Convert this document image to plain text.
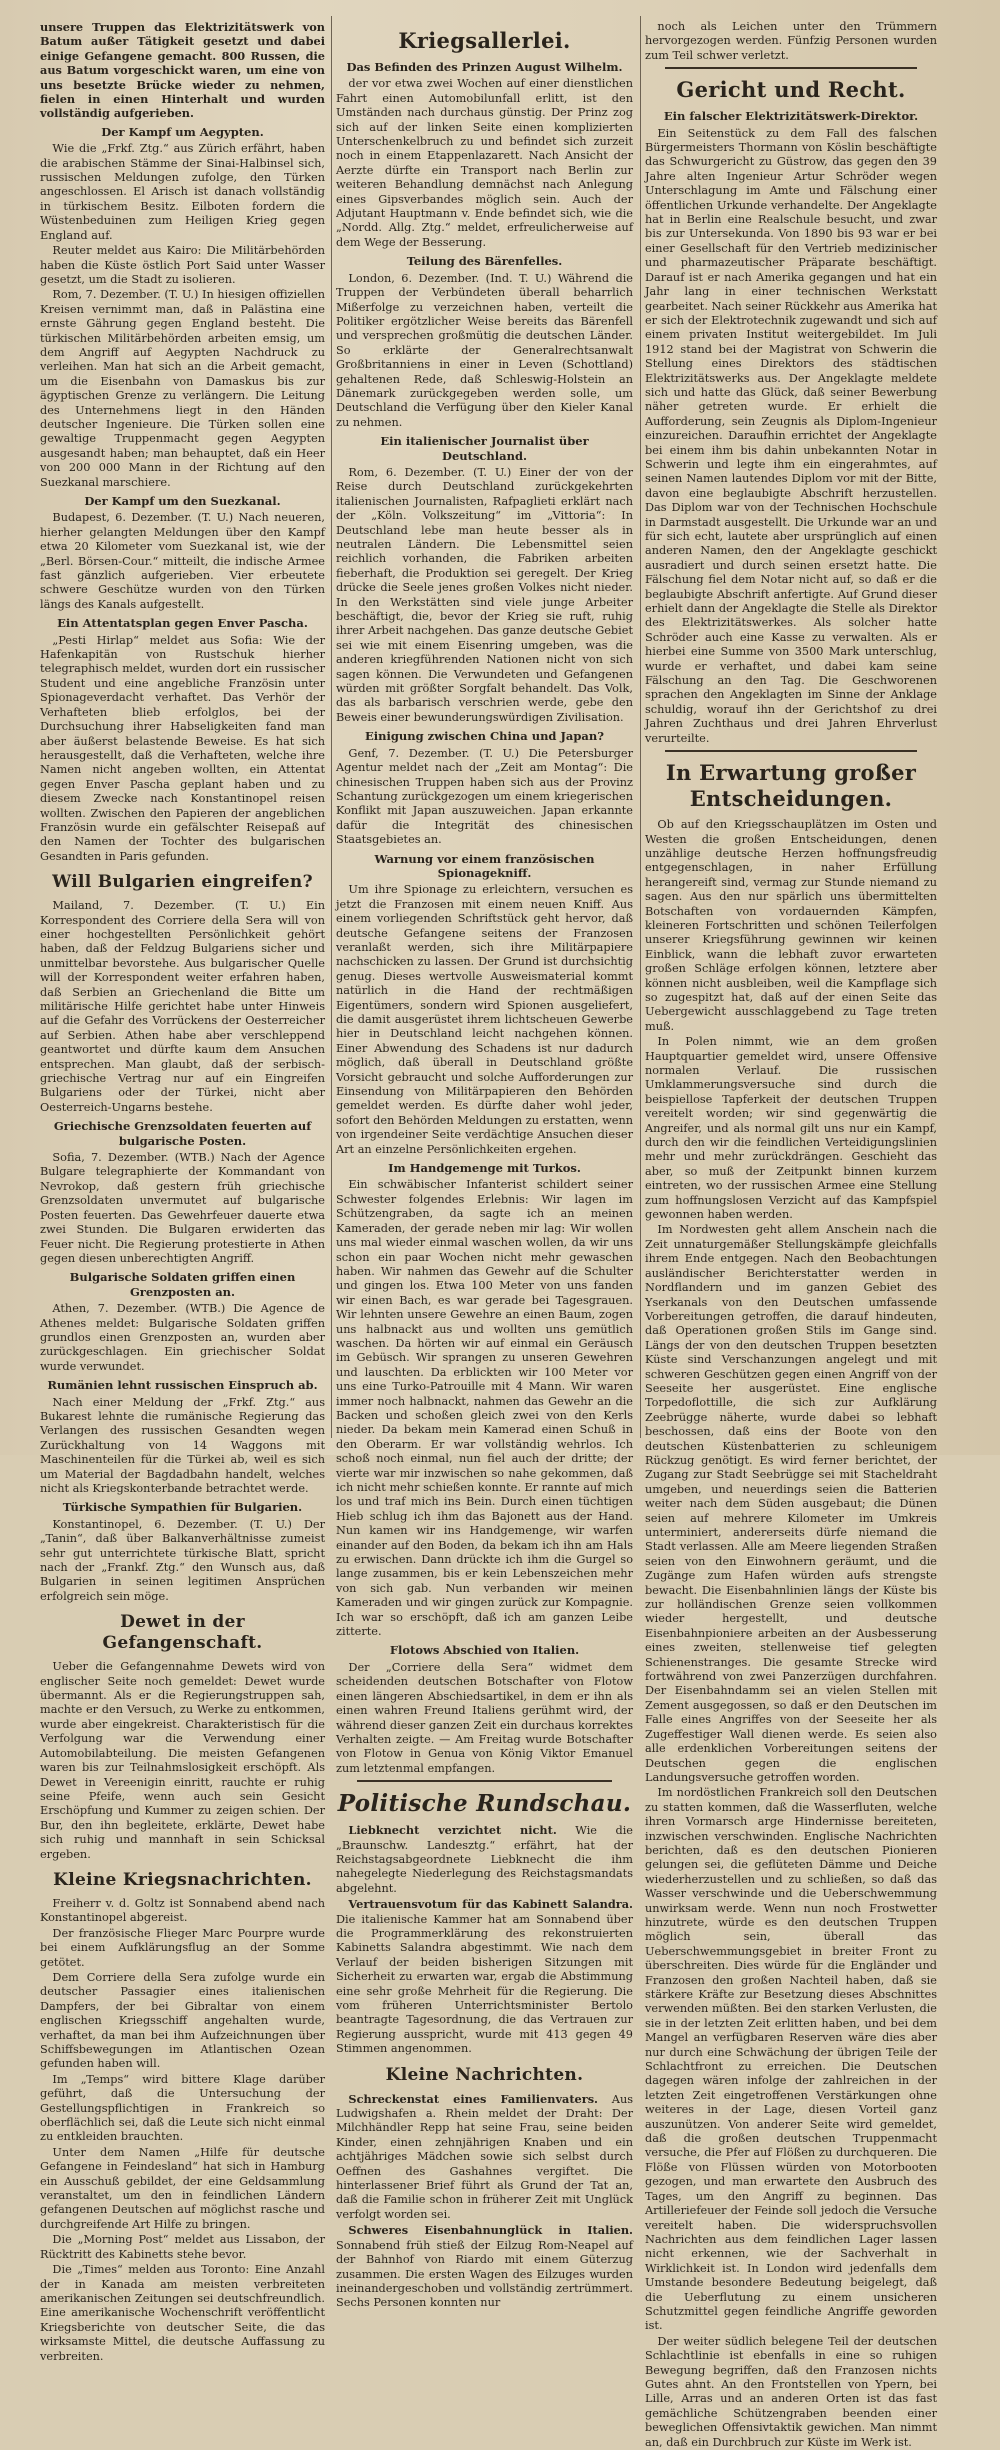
unsere Truppen das Elektrizitätswerk von Batum außer Tätigkeit gesetzt und dabei einige Gefangene gemacht. 800 Russen, die aus Batum vorgeschickt waren, um eine von uns besetzte Brücke wieder zu nehmen, fielen in einen Hinterhalt und wurden vollständig aufgerieben.

Der Kampf um Aegypten.

Wie die „Frkf. Ztg.“ aus Zürich erfährt, haben die arabischen Stämme der Sinai-Halbinsel sich, russischen Meldungen zufolge, den Türken angeschlossen. El Arisch ist danach vollständig in türkischem Besitz. Eilboten fordern die Wüstenbeduinen zum Heiligen Krieg gegen England auf.

Reuter meldet aus Kairo: Die Militärbehörden haben die Küste östlich Port Said unter Wasser gesetzt, um die Stadt zu isolieren.

Rom, 7. Dezember. (T. U.) In hiesigen offiziellen Kreisen vernimmt man, daß in Palästina eine ernste Gährung gegen England besteht. Die türkischen Militärbehörden arbeiten emsig, um dem Angriff auf Aegypten Nachdruck zu verleihen. Man hat sich an die Arbeit gemacht, um die Eisenbahn von Damaskus bis zur ägyptischen Grenze zu verlängern. Die Leitung des Unternehmens liegt in den Händen deutscher Ingenieure. Die Türken sollen eine gewaltige Truppenmacht gegen Aegypten ausgesandt haben; man behauptet, daß ein Heer von 200 000 Mann in der Richtung auf den Suezkanal marschiere.

Der Kampf um den Suezkanal.

Budapest, 6. Dezember. (T. U.) Nach neueren, hierher gelangten Meldungen über den Kampf etwa 20 Kilometer vom Suezkanal ist, wie der „Berl. Börsen-Cour.“ mitteilt, die indische Armee fast gänzlich aufgerieben. Vier erbeutete schwere Geschütze wurden von den Türken längs des Kanals aufgestellt.

Ein Attentatsplan gegen Enver Pascha.

„Pesti Hirlap“ meldet aus Sofia: Wie der Hafenkapitän von Rustschuk hierher telegraphisch meldet, wurden dort ein russischer Student und eine angebliche Französin unter Spionageverdacht verhaftet. Das Verhör der Verhafteten blieb erfolglos, bei der Durchsuchung ihrer Habseligkeiten fand man aber äußerst belastende Beweise. Es hat sich herausgestellt, daß die Verhafteten, welche ihre Namen nicht angeben wollten, ein Attentat gegen Enver Pascha geplant haben und zu diesem Zwecke nach Konstantinopel reisen wollten. Zwischen den Papieren der angeblichen Französin wurde ein gefälschter Reisepaß auf den Namen der Tochter des bulgarischen Gesandten in Paris gefunden.

Will Bulgarien eingreifen?

Mailand, 7. Dezember. (T. U.) Ein Korrespondent des Corriere della Sera will von einer hochgestellten Persönlichkeit gehört haben, daß der Feldzug Bulgariens sicher und unmittelbar bevorstehe. Aus bulgarischer Quelle will der Korrespondent weiter erfahren haben, daß Serbien an Griechenland die Bitte um militärische Hilfe gerichtet habe unter Hinweis auf die Gefahr des Vorrückens der Oesterreicher auf Serbien. Athen habe aber verschleppend geantwortet und dürfte kaum dem Ansuchen entsprechen. Man glaubt, daß der serbisch-griechische Vertrag nur auf ein Eingreifen Bulgariens oder der Türkei, nicht aber Oesterreich-Ungarns bestehe.

Griechische Grenzsoldaten feuerten auf bulgarische Posten.

Sofia, 7. Dezember. (WTB.) Nach der Agence Bulgare telegraphierte der Kommandant von Nevrokop, daß gestern früh griechische Grenzsoldaten unvermutet auf bulgarische Posten feuerten. Das Gewehrfeuer dauerte etwa zwei Stunden. Die Bulgaren erwiderten das Feuer nicht. Die Regierung protestierte in Athen gegen diesen unberechtigten Angriff.

Bulgarische Soldaten griffen einen Grenzposten an.

Athen, 7. Dezember. (WTB.) Die Agence de Athenes meldet: Bulgarische Soldaten griffen grundlos einen Grenzposten an, wurden aber zurückgeschlagen. Ein griechischer Soldat wurde verwundet.

Rumänien lehnt russischen Einspruch ab.

Nach einer Meldung der „Frkf. Ztg.“ aus Bukarest lehnte die rumänische Regierung das Verlangen des russischen Gesandten wegen Zurückhaltung von 14 Waggons mit Maschinenteilen für die Türkei ab, weil es sich um Material der Bagdadbahn handelt, welches nicht als Kriegskonterbande betrachtet werde.

Türkische Sympathien für Bulgarien.

Konstantinopel, 6. Dezember. (T. U.) Der „Tanin“, daß über Balkanverhältnisse zumeist sehr gut unterrichtete türkische Blatt, spricht nach der „Frankf. Ztg.“ den Wunsch aus, daß Bulgarien in seinen legitimen Ansprüchen erfolgreich sein möge.

Dewet in der Gefangenschaft.

Ueber die Gefangennahme Dewets wird von englischer Seite noch gemeldet: Dewet wurde übermannt. Als er die Regierungstruppen sah, machte er den Versuch, zu Werke zu entkommen, wurde aber eingekreist. Charakteristisch für die Verfolgung war die Verwendung einer Automobilabteilung. Die meisten Gefangenen waren bis zur Teilnahmslosigkeit erschöpft. Als Dewet in Vereenigin einritt, rauchte er ruhig seine Pfeife, wenn auch sein Gesicht Erschöpfung und Kummer zu zeigen schien. Der Bur, den ihn begleitete, erklärte, Dewet habe sich ruhig und mannhaft in sein Schicksal ergeben.

Kleine Kriegsnachrichten.

Freiherr v. d. Goltz ist Sonnabend abend nach Konstantinopel abgereist.

Der französische Flieger Marc Pourpre wurde bei einem Aufklärungsflug an der Somme getötet.

Dem Corriere della Sera zufolge wurde ein deutscher Passagier eines italienischen Dampfers, der bei Gibraltar von einem englischen Kriegsschiff angehalten wurde, verhaftet, da man bei ihm Aufzeichnungen über Schiffsbewegungen im Atlantischen Ozean gefunden haben will.

Im „Temps“ wird bittere Klage darüber geführt, daß die Untersuchung der Gestellungspflichtigen in Frankreich so oberflächlich sei, daß die Leute sich nicht einmal zu entkleiden brauchten.

Unter dem Namen „Hilfe für deutsche Gefangene in Feindesland“ hat sich in Hamburg ein Ausschuß gebildet, der eine Geldsammlung veranstaltet, um den in feindlichen Ländern gefangenen Deutschen auf möglichst rasche und durchgreifende Art Hilfe zu bringen.

Die „Morning Post“ meldet aus Lissabon, der Rücktritt des Kabinetts stehe bevor.

Die „Times“ melden aus Toronto: Eine Anzahl der in Kanada am meisten verbreiteten amerikanischen Zeitungen sei deutschfreundlich. Eine amerikanische Wochenschrift veröffentlicht Kriegsberichte von deutscher Seite, die das wirksamste Mittel, die deutsche Auffassung zu verbreiten.

Kriegsallerlei.
Das Befinden des Prinzen August Wilhelm.

der vor etwa zwei Wochen auf einer dienstlichen Fahrt einen Automobilunfall erlitt, ist den Umständen nach durchaus günstig. Der Prinz zog sich auf der linken Seite einen komplizierten Unterschenkelbruch zu und befindet sich zurzeit noch in einem Etappenlazarett. Nach Ansicht der Aerzte dürfte ein Transport nach Berlin zur weiteren Behandlung demnächst nach Anlegung eines Gipsverbandes möglich sein. Auch der Adjutant Hauptmann v. Ende befindet sich, wie die „Nordd. Allg. Ztg.“ meldet, erfreulicherweise auf dem Wege der Besserung.

Teilung des Bärenfelles.

London, 6. Dezember. (Ind. T. U.) Während die Truppen der Verbündeten überall beharrlich Mißerfolge zu verzeichnen haben, verteilt die Politiker ergötzlicher Weise bereits das Bärenfell und versprechen großmütig die deutschen Länder. So erklärte der Generalrechtsanwalt Großbritanniens in einer in Leven (Schottland) gehaltenen Rede, daß Schleswig-Holstein an Dänemark zurückgegeben werden solle, um Deutschland die Verfügung über den Kieler Kanal zu nehmen.

Ein italienischer Journalist über Deutschland.

Rom, 6. Dezember. (T. U.) Einer der von der Reise durch Deutschland zurückgekehrten italienischen Journalisten, Rafpaglieti erklärt nach der „Köln. Volkszeitung“ im „Vittoria“: In Deutschland lebe man heute besser als in neutralen Ländern. Die Lebensmittel seien reichlich vorhanden, die Fabriken arbeiten fieberhaft, die Produktion sei geregelt. Der Krieg drücke die Seele jenes großen Volkes nicht nieder. In den Werkstätten sind viele junge Arbeiter beschäftigt, die, bevor der Krieg sie ruft, ruhig ihrer Arbeit nachgehen. Das ganze deutsche Gebiet sei wie mit einem Eisenring umgeben, was die anderen kriegführenden Nationen nicht von sich sagen können. Die Verwundeten und Gefangenen würden mit größter Sorgfalt behandelt. Das Volk, das als barbarisch verschrien werde, gebe den Beweis einer bewunderungswürdigen Zivilisation.

Einigung zwischen China und Japan?

Genf, 7. Dezember. (T. U.) Die Petersburger Agentur meldet nach der „Zeit am Montag“: Die chinesischen Truppen haben sich aus der Provinz Schantung zurückgezogen um einem kriegerischen Konflikt mit Japan auszuweichen. Japan erkannte dafür die Integrität des chinesischen Staatsgebietes an.

Warnung vor einem französischen Spionagekniff.

Um ihre Spionage zu erleichtern, versuchen es jetzt die Franzosen mit einem neuen Kniff. Aus einem vorliegenden Schriftstück geht hervor, daß deutsche Gefangene seitens der Franzosen veranlaßt werden, sich ihre Militärpapiere nachschicken zu lassen. Der Grund ist durchsichtig genug. Dieses wertvolle Ausweismaterial kommt natürlich in die Hand der rechtmäßigen Eigentümers, sondern wird Spionen ausgeliefert, die damit ausgerüstet ihrem lichtscheuen Gewerbe hier in Deutschland leicht nachgehen können. Einer Abwendung des Schadens ist nur dadurch möglich, daß überall in Deutschland größte Vorsicht gebraucht und solche Aufforderungen zur Einsendung von Militärpapieren den Behörden gemeldet werden. Es dürfte daher wohl jeder, sofort den Behörden Meldungen zu erstatten, wenn von irgendeiner Seite verdächtige Ansuchen dieser Art an einzelne Persönlichkeiten ergehen.

Im Handgemenge mit Turkos.

Ein schwäbischer Infanterist schildert seiner Schwester folgendes Erlebnis: Wir lagen im Schützengraben, da sagte ich an meinen Kameraden, der gerade neben mir lag: Wir wollen uns mal wieder einmal waschen wollen, da wir uns schon ein paar Wochen nicht mehr gewaschen haben. Wir nahmen das Gewehr auf die Schulter und gingen los. Etwa 100 Meter von uns fanden wir einen Bach, es war gerade bei Tagesgrauen. Wir lehnten unsere Gewehre an einen Baum, zogen uns halbnackt aus und wollten uns gemütlich waschen. Da hörten wir auf einmal ein Geräusch im Gebüsch. Wir sprangen zu unseren Gewehren und lauschten. Da erblickten wir 100 Meter vor uns eine Turko-Patrouille mit 4 Mann. Wir waren immer noch halbnackt, nahmen das Gewehr an die Backen und schoßen gleich zwei von den Kerls nieder. Da bekam mein Kamerad einen Schuß in den Oberarm. Er war vollständig wehrlos. Ich schoß noch einmal, nun fiel auch der dritte; der vierte war mir inzwischen so nahe gekommen, daß ich nicht mehr schießen konnte. Er rannte auf mich los und traf mich ins Bein. Durch einen tüchtigen Hieb schlug ich ihm das Bajonett aus der Hand. Nun kamen wir ins Handgemenge, wir warfen einander auf den Boden, da bekam ich ihn am Hals zu erwischen. Dann drückte ich ihm die Gurgel so lange zusammen, bis er kein Lebenszeichen mehr von sich gab. Nun verbanden wir meinen Kameraden und wir gingen zurück zur Kompagnie. Ich war so erschöpft, daß ich am ganzen Leibe zitterte.

Flotows Abschied von Italien.

Der „Corriere della Sera“ widmet dem scheidenden deutschen Botschafter von Flotow einen längeren Abschiedsartikel, in dem er ihn als einen wahren Freund Italiens gerühmt wird, der während dieser ganzen Zeit ein durchaus korrektes Verhalten zeigte. — Am Freitag wurde Botschafter von Flotow in Genua von König Viktor Emanuel zum letztenmal empfangen.

Politische Rundschau.

Liebknecht verzichtet nicht. Wie die „Braunschw. Landesztg.“ erfährt, hat der Reichstagsabgeordnete Liebknecht die ihm nahegelegte Niederlegung des Reichstagsmandats abgelehnt.

Vertrauensvotum für das Kabinett Salandra. Die italienische Kammer hat am Sonnabend über die Programmerklärung des rekonstruierten Kabinetts Salandra abgestimmt. Wie nach dem Verlauf der beiden bisherigen Sitzungen mit Sicherheit zu erwarten war, ergab die Abstimmung eine sehr große Mehrheit für die Regierung. Die vom früheren Unterrichtsminister Bertolo beantragte Tagesordnung, die das Vertrauen zur Regierung ausspricht, wurde mit 413 gegen 49 Stimmen angenommen.

Kleine Nachrichten.

Schreckenstat eines Familienvaters. Aus Ludwigshafen a. Rhein meldet der Draht: Der Milchhändler Repp hat seine Frau, seine beiden Kinder, einen zehnjährigen Knaben und ein achtjähriges Mädchen sowie sich selbst durch Oeffnen des Gashahnes vergiftet. Die hinterlassener Brief führt als Grund der Tat an, daß die Familie schon in früherer Zeit mit Unglück verfolgt worden sei.

Schweres Eisenbahnunglück in Italien. Sonnabend früh stieß der Eilzug Rom-Neapel auf der Bahnhof von Riardo mit einem Güterzug zusammen. Die ersten Wagen des Eilzuges wurden ineinandergeschoben und vollständig zertrümmert. Sechs Personen konnten nur

noch als Leichen unter den Trümmern hervorgezogen werden. Fünfzig Personen wurden zum Teil schwer verletzt.

Gericht und Recht.
Ein falscher Elektrizitätswerk-Direktor.

Ein Seitenstück zu dem Fall des falschen Bürgermeisters Thormann von Köslin beschäftigte das Schwurgericht zu Güstrow, das gegen den 39 Jahre alten Ingenieur Artur Schröder wegen Unterschlagung im Amte und Fälschung einer öffentlichen Urkunde verhandelte. Der Angeklagte hat in Berlin eine Realschule besucht, und zwar bis zur Untersekunda. Von 1890 bis 93 war er bei einer Gesellschaft für den Vertrieb medizinischer und pharmazeutischer Präparate beschäftigt. Darauf ist er nach Amerika gegangen und hat ein Jahr lang in einer technischen Werkstatt gearbeitet. Nach seiner Rückkehr aus Amerika hat er sich der Elektrotechnik zugewandt und sich auf einem privaten Institut weitergebildet. Im Juli 1912 stand bei der Magistrat von Schwerin die Stellung eines Direktors des städtischen Elektrizitätswerks aus. Der Angeklagte meldete sich und hatte das Glück, daß seiner Bewerbung näher getreten wurde. Er erhielt die Aufforderung, sein Zeugnis als Diplom-Ingenieur einzureichen. Daraufhin errichtet der Angeklagte bei einem ihm bis dahin unbekannten Notar in Schwerin und legte ihm ein eingerahmtes, auf seinen Namen lautendes Diplom vor mit der Bitte, davon eine beglaubigte Abschrift herzustellen. Das Diplom war von der Technischen Hochschule in Darmstadt ausgestellt. Die Urkunde war an und für sich echt, lautete aber ursprünglich auf einen anderen Namen, den der Angeklagte geschickt ausradiert und durch seinen ersetzt hatte. Die Fälschung fiel dem Notar nicht auf, so daß er die beglaubigte Abschrift anfertigte. Auf Grund dieser erhielt dann der Angeklagte die Stelle als Direktor des Elektrizitätswerkes. Als solcher hatte Schröder auch eine Kasse zu verwalten. Als er hierbei eine Summe von 3500 Mark unterschlug, wurde er verhaftet, und dabei kam seine Fälschung an den Tag. Die Geschworenen sprachen den Angeklagten im Sinne der Anklage schuldig, worauf ihn der Gerichtshof zu drei Jahren Zuchthaus und drei Jahren Ehrverlust verurteilte.

In Erwartung großer Entscheidungen.

Ob auf den Kriegsschauplätzen im Osten und Westen die großen Entscheidungen, denen unzählige deutsche Herzen hoffnungsfreudig entgegenschlagen, in naher Erfüllung herangereift sind, vermag zur Stunde niemand zu sagen. Aus den nur spärlich uns übermittelten Botschaften von vordauernden Kämpfen, kleineren Fortschritten und schönen Teilerfolgen unserer Kriegsführung gewinnen wir keinen Einblick, wann die lebhaft zuvor erwarteten großen Schläge erfolgen können, letztere aber können nicht ausbleiben, weil die Kampflage sich so zugespitzt hat, daß auf der einen Seite das Uebergewicht ausschlaggebend zu Tage treten muß.

In Polen nimmt, wie an dem großen Hauptquartier gemeldet wird, unsere Offensive normalen Verlauf. Die russischen Umklammerungsversuche sind durch die beispiellose Tapferkeit der deutschen Truppen vereitelt worden; wir sind gegenwärtig die Angreifer, und als normal gilt uns nur ein Kampf, durch den wir die feindlichen Verteidigungslinien mehr und mehr zurückdrängen. Geschieht das aber, so muß der Zeitpunkt binnen kurzem eintreten, wo der russischen Armee eine Stellung zum hoffnungslosen Verzicht auf das Kampfspiel gewonnen haben werden.

Im Nordwesten geht allem Anschein nach die Zeit unnaturgemäßer Stellungskämpfe gleichfalls ihrem Ende entgegen. Nach den Beobachtungen ausländischer Berichterstatter werden in Nordflandern und im ganzen Gebiet des Yserkanals von den Deutschen umfassende Vorbereitungen getroffen, die darauf hindeuten, daß Operationen großen Stils im Gange sind. Längs der von den deutschen Truppen besetzten Küste sind Verschanzungen angelegt und mit schweren Geschützen gegen einen Angriff von der Seeseite her ausgerüstet. Eine englische Torpedoflottille, die sich zur Aufklärung Zeebrügge näherte, wurde dabei so lebhaft beschossen, daß eins der Boote von den deutschen Küstenbatterien zu schleunigem Rückzug genötigt. Es wird ferner berichtet, der Zugang zur Stadt Seebrügge sei mit Stacheldraht umgeben, und neuerdings seien die Batterien weiter nach dem Süden ausgebaut; die Dünen seien auf mehrere Kilometer im Umkreis unterminiert, andererseits dürfe niemand die Stadt verlassen. Alle am Meere liegenden Straßen seien von den Einwohnern geräumt, und die Zugänge zum Hafen würden aufs strengste bewacht. Die Eisenbahnlinien längs der Küste bis zur holländischen Grenze seien vollkommen wieder hergestellt, und deutsche Eisenbahnpioniere arbeiten an der Ausbesserung eines zweiten, stellenweise tief gelegten Schienenstranges. Die gesamte Strecke wird fortwährend von zwei Panzerzügen durchfahren. Der Eisenbahndamm sei an vielen Stellen mit Zement ausgegossen, so daß er den Deutschen im Falle eines Angriffes von der Seeseite her als Zugeffestiger Wall dienen werde. Es seien also alle erdenklichen Vorbereitungen seitens der Deutschen gegen die englischen Landungsversuche getroffen worden.

Im nordöstlichen Frankreich soll den Deutschen zu statten kommen, daß die Wasserfluten, welche ihren Vormarsch arge Hindernisse bereiteten, inzwischen verschwinden. Englische Nachrichten berichten, daß es den deutschen Pionieren gelungen sei, die geflüteten Dämme und Deiche wiederherzustellen und zu schließen, so daß das Wasser verschwinde und die Ueberschwemmung unwirksam werde. Wenn nun noch Frostwetter hinzutrete, würde es den deutschen Truppen möglich sein, überall das Ueberschwemmungsgebiet in breiter Front zu überschreiten. Dies würde für die Engländer und Franzosen den großen Nachteil haben, daß sie stärkere Kräfte zur Besetzung dieses Abschnittes verwenden müßten. Bei den starken Verlusten, die sie in der letzten Zeit erlitten haben, und bei dem Mangel an verfügbaren Reserven wäre dies aber nur durch eine Schwächung der übrigen Teile der Schlachtfront zu erreichen. Die Deutschen dagegen wären infolge der zahlreichen in der letzten Zeit eingetroffenen Verstärkungen ohne weiteres in der Lage, diesen Vorteil ganz auszunützen. Von anderer Seite wird gemeldet, daß die großen deutschen Truppenmacht versuche, die Pfer auf Flößen zu durchqueren. Die Flöße von Flüssen würden von Motorbooten gezogen, und man erwartete den Ausbruch des Tages, um den Angriff zu beginnen. Das Artilleriefeuer der Feinde soll jedoch die Versuche vereitelt haben. Die widerspruchsvollen Nachrichten aus dem feindlichen Lager lassen nicht erkennen, wie der Sachverhalt in Wirklichkeit ist. In London wird jedenfalls dem Umstande besondere Bedeutung beigelegt, daß die Ueberflutung zu einem unsicheren Schutzmittel gegen feindliche Angriffe geworden ist.

Der weiter südlich belegene Teil der deutschen Schlachtlinie ist ebenfalls in eine so ruhigen Bewegung begriffen, daß den Franzosen nichts Gutes ahnt. An den Frontstellen von Ypern, bei Lille, Arras und an anderen Orten ist das fast gemächliche Schützengraben beenden einer beweglichen Offensivtaktik gewichen. Man nimmt an, daß ein Durchbruch zur Küste im Werk ist.
